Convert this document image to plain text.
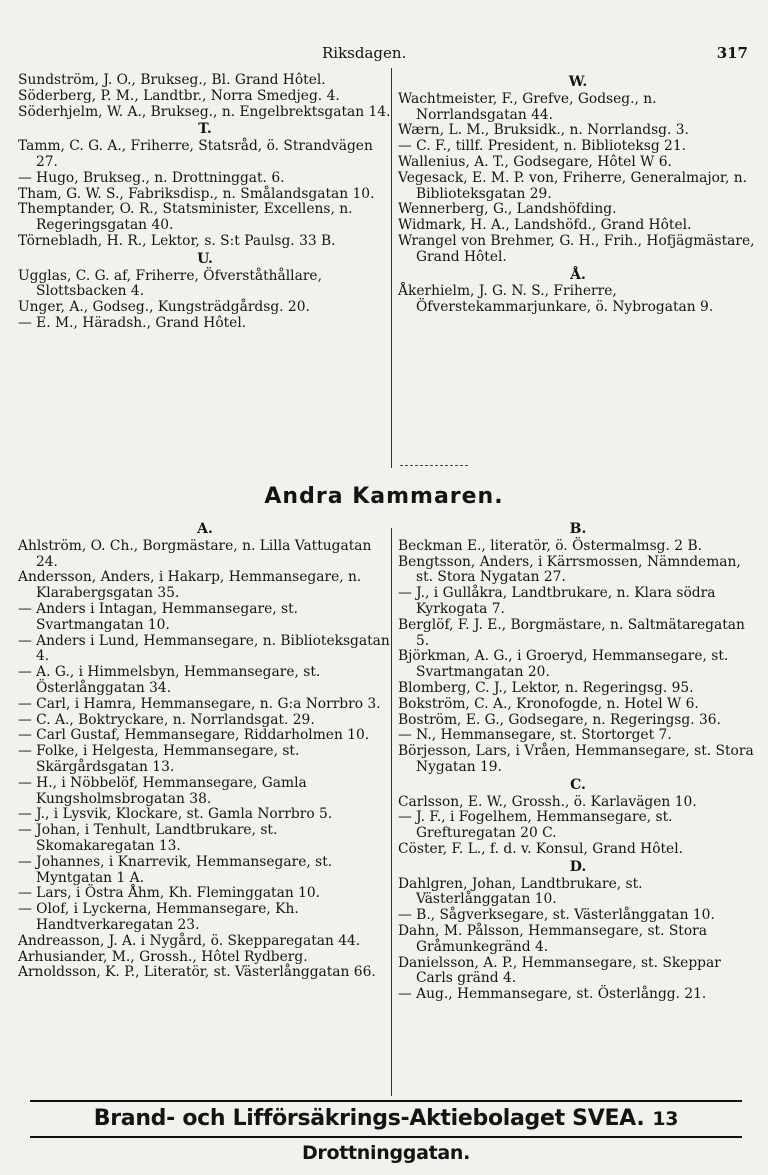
Riksdagen.	317
Sundström, J. O., Brukseg., Bl. Grand Hôtel.
Söderberg, P. M., Landtbr., Norra Smedjeg. 4.
Söderhjelm, W. A., Brukseg., n. Engelbrektsgatan 14.
T.
Tamm, C. G. A., Friherre, Statsråd, ö. Strandvägen 27.
— Hugo, Brukseg., n. Drottninggat. 6.
Tham, G. W. S., Fabriksdisp., n. Smålandsgatan 10.
Themptander, O. R., Statsminister, Excellens, n. Regeringsgatan 40.
Törnebladh, H. R., Lektor, s. S:t Paulsg. 33 B.
U.
Ugglas, C. G. af, Friherre, Öfverståthållare, Slottsbacken 4.
Unger, A., Godseg., Kungsträdgårdsg. 20.
— E. M., Häradsh., Grand Hôtel.
W.
Wachtmeister, F., Grefve, Godseg., n. Norrlandsgatan 44.
Wærn, L. M., Bruksidk., n. Norrlandsg. 3.
— C. F., tillf. President, n. Biblioteksg 21.
Wallenius, A. T., Godsegare, Hôtel W 6.
Vegesack, E. M. P. von, Friherre, Generalmajor, n. Biblioteksgatan 29.
Wennerberg, G., Landshöfding.
Widmark, H. A., Landshöfd., Grand Hôtel.
Wrangel von Brehmer, G. H., Frih., Hofjägmästare, Grand Hôtel.
Å.
Åkerhielm, J. G. N. S., Friherre, Öfverstekammarjunkare, ö. Nybrogatan 9.
Andra Kammaren.
A.
Ahlström, O. Ch., Borgmästare, n. Lilla Vattugatan 24.
Andersson, Anders, i Hakarp, Hemmansegare, n. Klarabergsgatan 35.
— Anders i Intagan, Hemmansegare, st. Svartmangatan 10.
— Anders i Lund, Hemmansegare, n. Biblioteksgatan 4.
— A. G., i Himmelsbyn, Hemmansegare, st. Österlånggatan 34.
— Carl, i Hamra, Hemmansegare, n. G:a Norrbro 3.
— C. A., Boktryckare, n. Norrlandsgat. 29.
— Carl Gustaf, Hemmansegare, Riddarholmen 10.
— Folke, i Helgesta, Hemmansegare, st. Skärgårdsgatan 13.
— H., i Nöbbelöf, Hemmansegare, Gamla Kungsholmsbrogatan 38.
— J., i Lysvik, Klockare, st. Gamla Norrbro 5.
— Johan, i Tenhult, Landtbrukare, st. Skomakaregatan 13.
— Johannes, i Knarrevik, Hemmansegare, st. Myntgatan 1 A.
— Lars, i Östra Åhm, Kh. Fleminggatan 10.
— Olof, i Lyckerna, Hemmansegare, Kh. Handtverkaregatan 23.
Andreasson, J. A. i Nygård, ö. Skepparegatan 44.
Arhusiander, M., Grossh., Hôtel Rydberg.
Arnoldsson, K. P., Literatör, st. Västerlånggatan 66.
B.
Beckman E., literatör, ö. Östermalmsg. 2 B.
Bengtsson, Anders, i Kärrsmossen, Nämndeman, st. Stora Nygatan 27.
— J., i Gullåkra, Landtbrukare, n. Klara södra Kyrkogata 7.
Berglöf, F. J. E., Borgmästare, n. Saltmätaregatan 5.
Björkman, A. G., i Groeryd, Hemmansegare, st. Svartmangatan 20.
Blomberg, C. J., Lektor, n. Regeringsg. 95.
Bokström, C. A., Kronofogde, n. Hotel W 6.
Boström, E. G., Godsegare, n. Regeringsg. 36.
— N., Hemmansegare, st. Stortorget 7.
Börjesson, Lars, i Vråen, Hemmansegare, st. Stora Nygatan 19.
C.
Carlsson, E. W., Grossh., ö. Karlavägen 10.
— J. F., i Fogelhem, Hemmansegare, st. Grefturegatan 20 C.
Cöster, F. L., f. d. v. Konsul, Grand Hôtel.
D.
Dahlgren, Johan, Landtbrukare, st. Västerlånggatan 10.
— B., Sågverksegare, st. Västerlånggatan 10.
Dahn, M. Pålsson, Hemmansegare, st. Stora Gråmunkegränd 4.
Danielsson, A. P., Hemmansegare, st. Skeppar Carls gränd 4.
— Aug., Hemmansegare, st. Österlångg. 21.
Brand- och Lifförsäkrings-Aktiebolaget SVEA. 13 Drottninggatan.
